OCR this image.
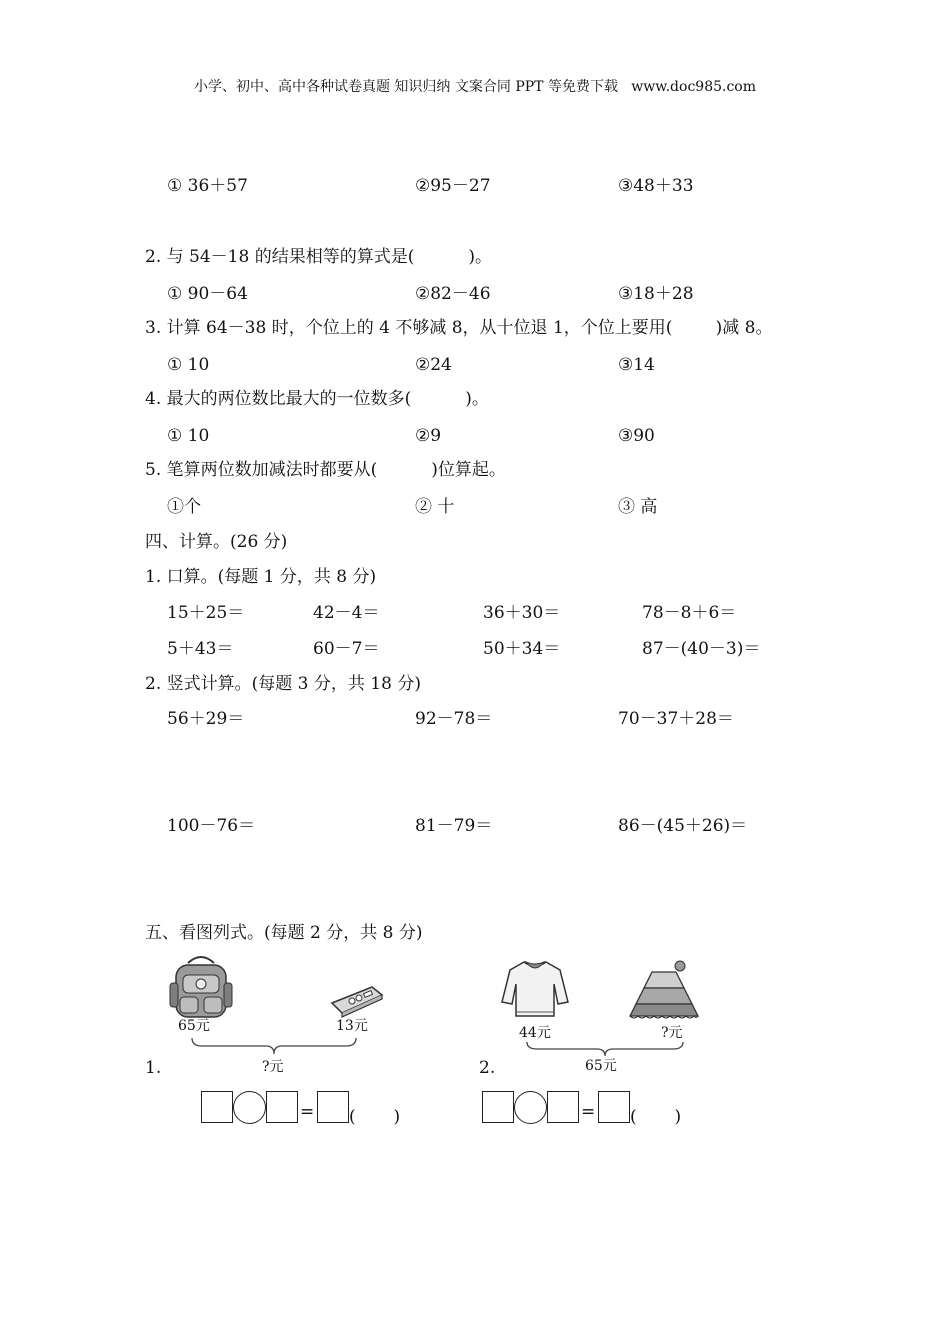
小学、初中、高中各种试卷真题 知识归纳 文案合同 PPT 等免费下载   www.doc985.com
① 36＋57	②95－27	③48＋33
2. 与 54－18 的结果相等的算式是(          )。
① 90－64	②82－46	③18＋28
3. 计算 64－38 时，个位上的 4 不够减 8，从十位退 1，个位上要用(        )减 8。
① 10	②24	③14
4. 最大的两位数比最大的一位数多(          )。
① 10	②9	③90
5. 笔算两位数加减法时都要从(          )位算起。
①个	② 十	③ 高
四、计算。(26 分)
1. 口算。(每题 1 分，共 8 分)
15＋25＝	42－4＝	36＋30＝	78－8＋6＝
5＋43＝	60－7＝	50＋34＝	87－(40－3)＝
2. 竖式计算。(每题 3 分，共 18 分)
56＋29＝	92－78＝	70－37＋28＝
100－76＝	81－79＝	86－(45＋26)＝
五、看图列式。(每题 2 分，共 8 分)
65元	13元
?元
1.
= (       )
44元	?元
65元
2.
= (       )
